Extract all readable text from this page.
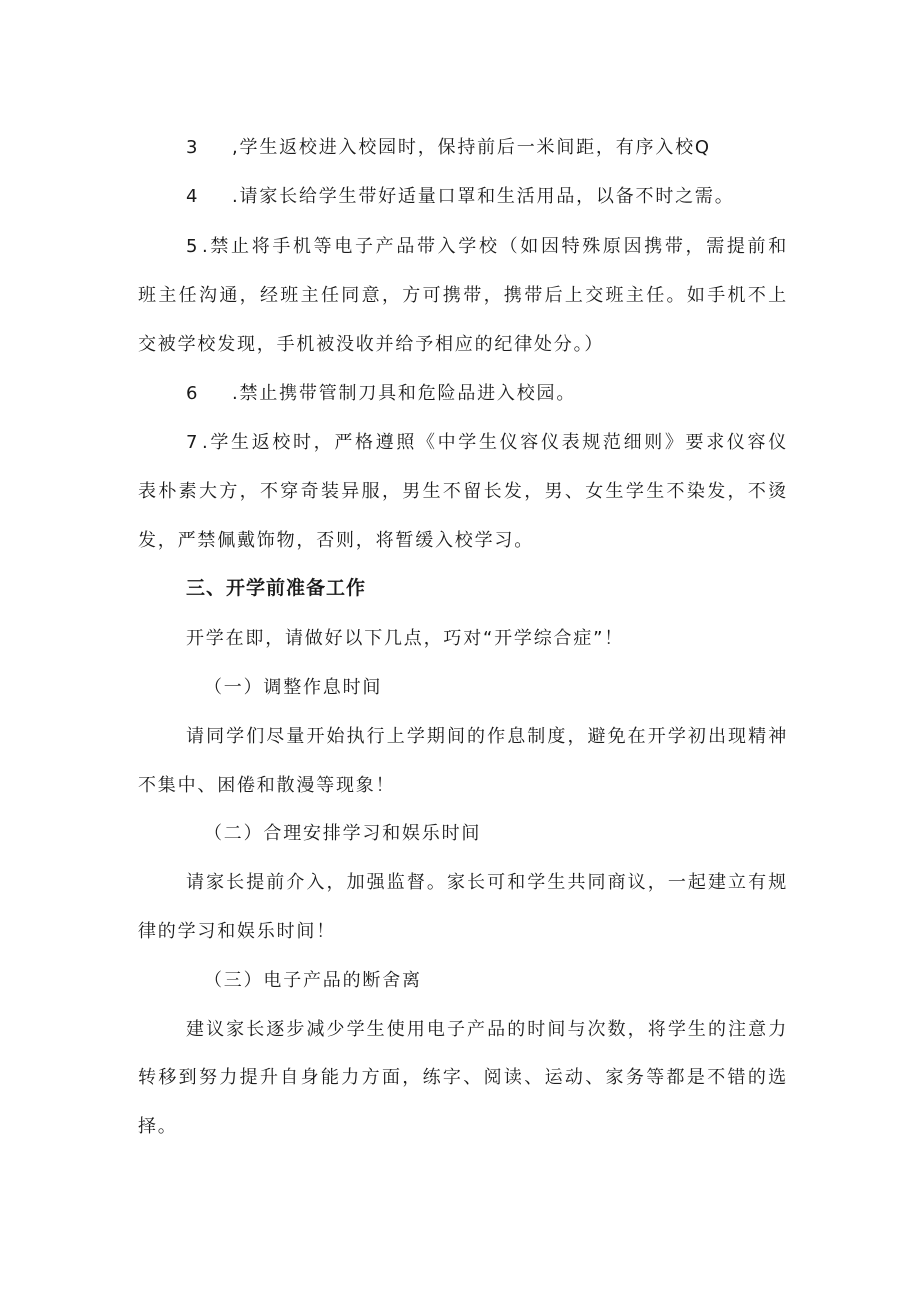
3 ,学生返校进入校园时，保持前后一米间距，有序入校Q
4 .请家长给学生带好适量口罩和生活用品，以备不时之需。
5 .禁止将手机等电子产品带入学校（如因特殊原因携带，需提前和
班主任沟通，经班主任同意，方可携带，携带后上交班主任。如手机不上
交被学校发现，手机被没收并给予相应的纪律处分。）
6 .禁止携带管制刀具和危险品进入校园。
7 .学生返校时，严格遵照《中学生仪容仪表规范细则》要求仪容仪
表朴素大方，不穿奇装异服，男生不留长发，男、女生学生不染发，不烫
发，严禁佩戴饰物，否则，将暂缓入校学习。
三、开学前准备工作
开学在即，请做好以下几点，巧对“开学综合症”！
（一）调整作息时间
请同学们尽量开始执行上学期间的作息制度，避免在开学初出现精神
不集中、困倦和散漫等现象！
（二）合理安排学习和娱乐时间
请家长提前介入，加强监督。家长可和学生共同商议，一起建立有规
律的学习和娱乐时间！
（三）电子产品的断舍离
建议家长逐步减少学生使用电子产品的时间与次数，将学生的注意力
转移到努力提升自身能力方面，练字、阅读、运动、家务等都是不错的选
择。
